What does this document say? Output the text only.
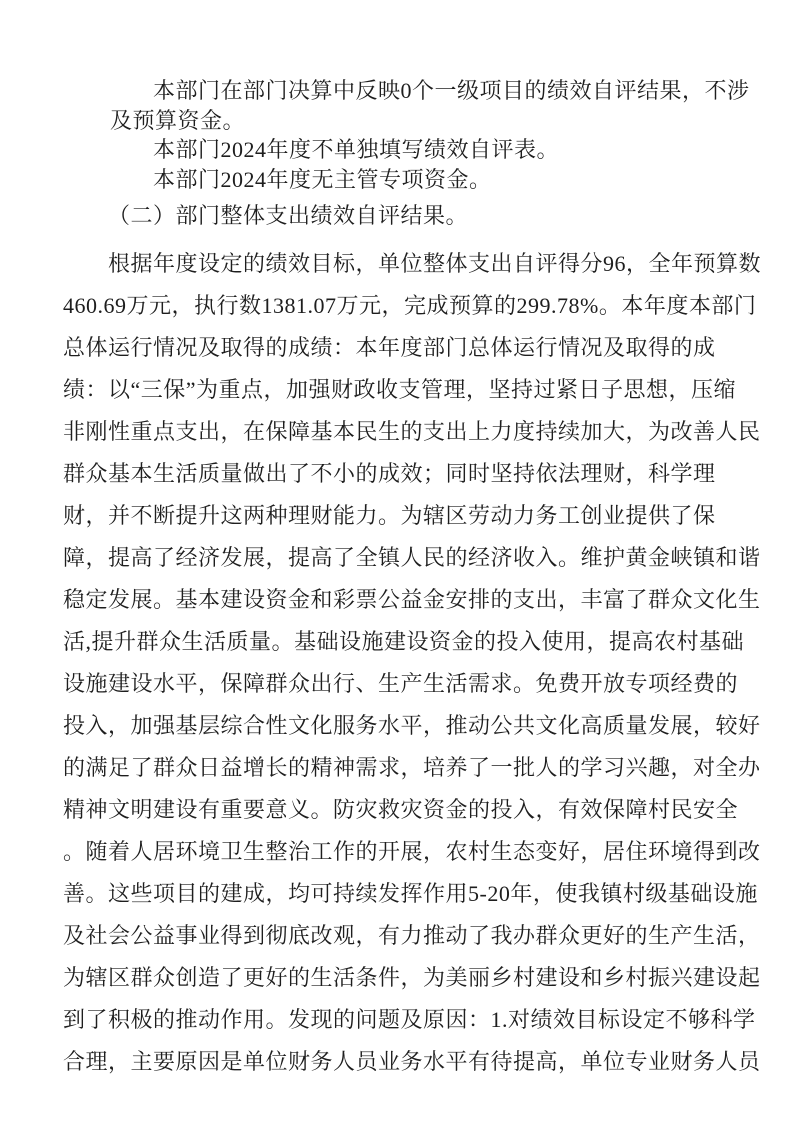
本部门在部门决算中反映0个一级项目的绩效自评结果，不涉
及预算资金。
本部门2024年度不单独填写绩效自评表。
本部门2024年度无主管专项资金。
（二）部门整体支出绩效自评结果。
根据年度设定的绩效目标，单位整体支出自评得分96，全年预算数
460.69万元，执行数1381.07万元，完成预算的299.78%。本年度本部门
总体运行情况及取得的成绩：本年度部门总体运行情况及取得的成
绩：以“三保”为重点，加强财政收支管理，坚持过紧日子思想，压缩
非刚性重点支出，在保障基本民生的支出上力度持续加大，为改善人民
群众基本生活质量做出了不小的成效；同时坚持依法理财，科学理
财，并不断提升这两种理财能力。为辖区劳动力务工创业提供了保
障，提高了经济发展，提高了全镇人民的经济收入。维护黄金峡镇和谐
稳定发展。基本建设资金和彩票公益金安排的支出，丰富了群众文化生
活,提升群众生活质量。基础设施建设资金的投入使用，提高农村基础
设施建设水平，保障群众出行、生产生活需求。免费开放专项经费的
投入，加强基层综合性文化服务水平，推动公共文化高质量发展，较好
的满足了群众日益增长的精神需求，培养了一批人的学习兴趣，对全办
精神文明建设有重要意义。防灾救灾资金的投入，有效保障村民安全
。随着人居环境卫生整治工作的开展，农村生态变好，居住环境得到改
善。这些项目的建成，均可持续发挥作用5-20年，使我镇村级基础设施
及社会公益事业得到彻底改观，有力推动了我办群众更好的生产生活，
为辖区群众创造了更好的生活条件，为美丽乡村建设和乡村振兴建设起
到了积极的推动作用。发现的问题及原因：1.对绩效目标设定不够科学
合理，主要原因是单位财务人员业务水平有待提高，单位专业财务人员
